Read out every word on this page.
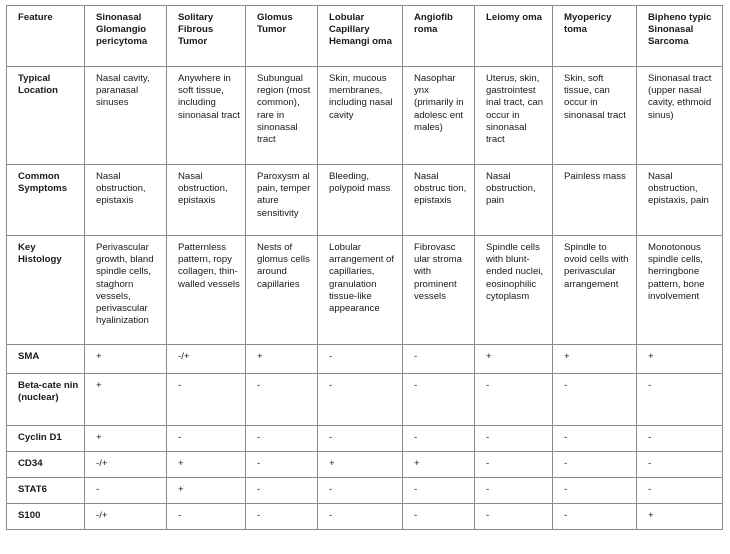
Feature	Sinonasal Glomangio pericytoma	Solitary Fibrous Tumor	Glomus Tumor	Lobular Capillary Hemangi oma	Angiofib roma	Leiomy oma	Myopericy toma	Bipheno typic Sinonasal Sarcoma
Typical Location	Nasal cavity, paranasal sinuses	Anywhere in soft tissue, including sinonasal tract	Subungual region (most common), rare in sinonasal tract	Skin, mucous membranes, including nasal cavity	Nasophar ynx (primarily in adolesc ent males)	Uterus, skin, gastrointest inal tract, can occur in sinonasal tract	Skin, soft tissue, can occur in sinonasal tract	Sinonasal tract (upper nasal cavity, ethmoid sinus)
Common Symptoms	Nasal obstruction, epistaxis	Nasal obstruction, epistaxis	Paroxysm al pain, temper ature sensitivity	Bleeding, polypoid mass	Nasal obstruc tion, epistaxis	Nasal obstruction, pain	Painless mass	Nasal obstruction, epistaxis, pain
Key Histology	Perivascular growth, bland spindle cells, staghorn vessels, perivascular hyalinization	Patternless pattern, ropy collagen, thin-walled vessels	Nests of glomus cells around capillaries	Lobular arrangement of capillaries, granulation tissue-like appearance	Fibrovasc ular stroma with prominent vessels	Spindle cells with blunt-ended nuclei, eosinophilic cytoplasm	Spindle to ovoid cells with perivascular arrangement	Monotonous spindle cells, herringbone pattern, bone involvement
SMA	+	-/+	+	-	-	+	+	+
Beta-cate nin (nuclear)	+	-	-	-	-	-	-	-
Cyclin D1	+	-	-	-	-	-	-	-
CD34	-/+	+	-	+	+	-	-	-
STAT6	-	+	-	-	-	-	-	-
S100	-/+	-	-	-	-	-	-	+
